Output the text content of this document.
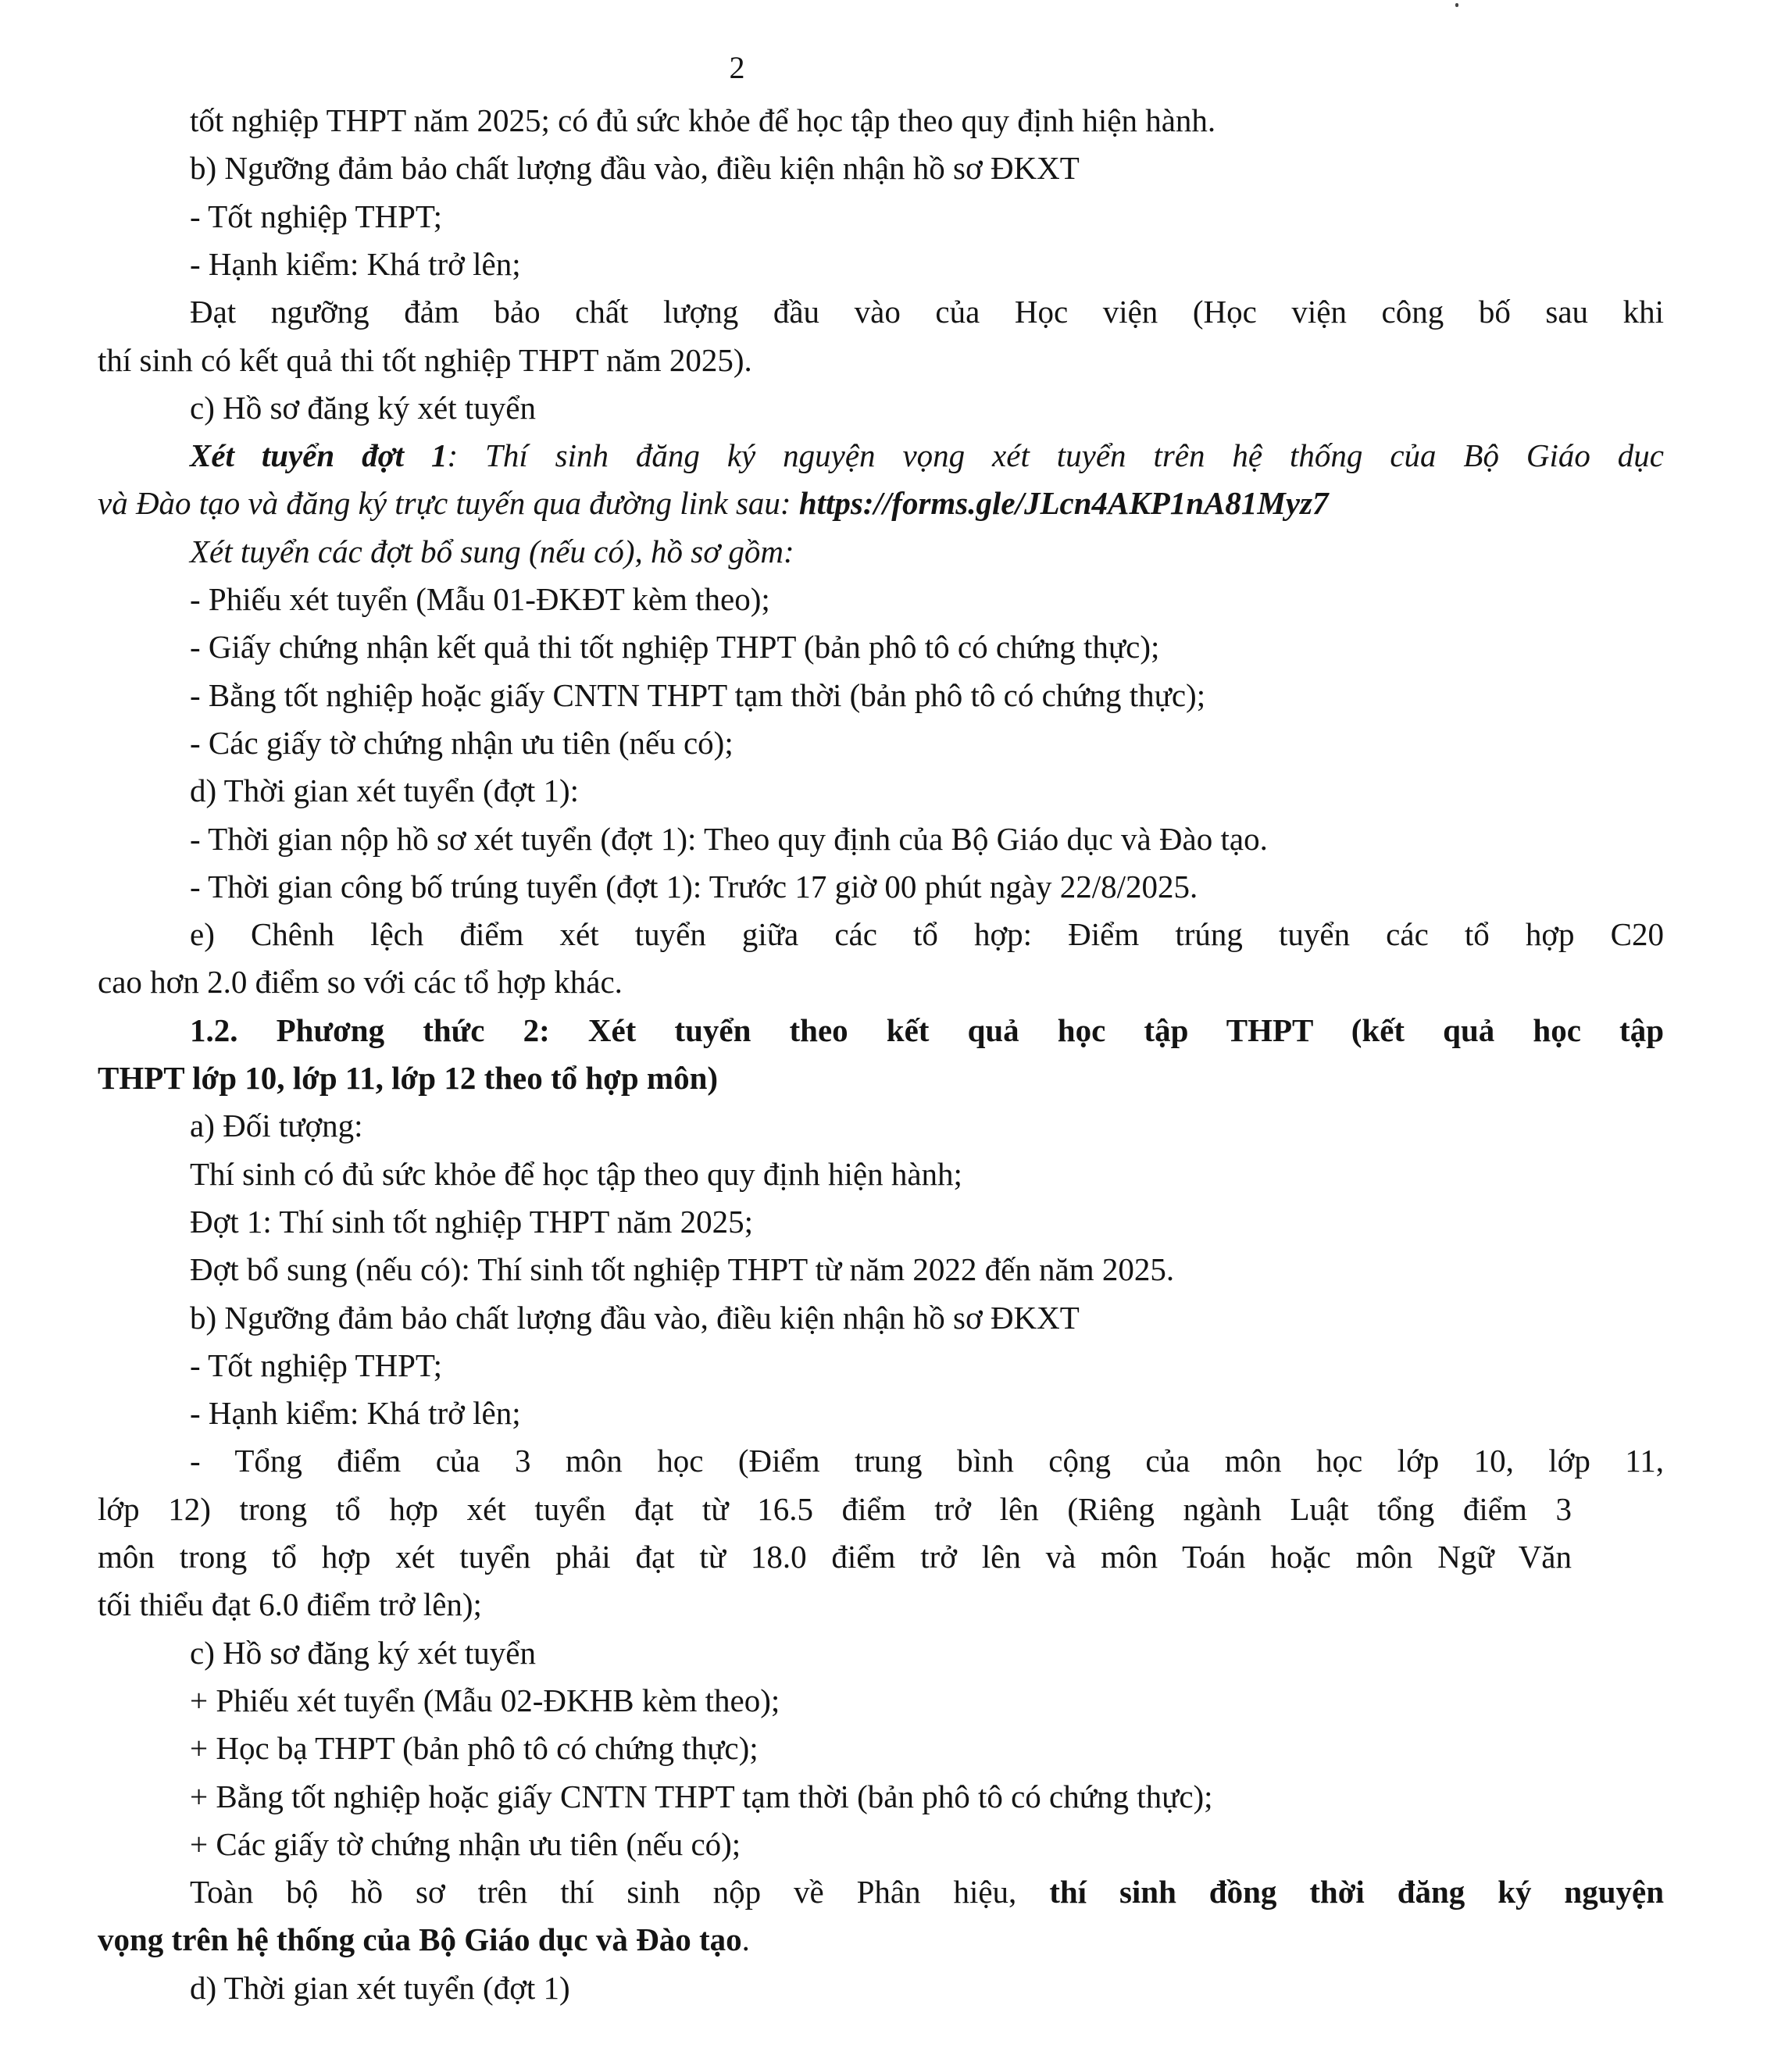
2
tốt nghiệp THPT năm 2025; có đủ sức khỏe để học tập theo quy định hiện hành.
b) Ngưỡng đảm bảo chất lượng đầu vào, điều kiện nhận hồ sơ ĐKXT
- Tốt nghiệp THPT;
- Hạnh kiểm: Khá trở lên;
Đạt ngưỡng đảm bảo chất lượng đầu vào của Học viện (Học viện công bố sau khi
thí sinh có kết quả thi tốt nghiệp THPT năm 2025).
c) Hồ sơ đăng ký xét tuyển
Xét tuyển đợt 1: Thí sinh đăng ký nguyện vọng xét tuyển trên hệ thống của Bộ Giáo dục
và Đào tạo và đăng ký trực tuyến qua đường link sau: https://forms.gle/JLcn4AKP1nA81Myz7
Xét tuyển các đợt bổ sung (nếu có), hồ sơ gồm:
- Phiếu xét tuyển (Mẫu 01-ĐKĐT kèm theo);
- Giấy chứng nhận kết quả thi tốt nghiệp THPT (bản phô tô có chứng thực);
- Bằng tốt nghiệp hoặc giấy CNTN THPT tạm thời (bản phô tô có chứng thực);
- Các giấy tờ chứng nhận ưu tiên (nếu có);
d) Thời gian xét tuyển (đợt 1):
- Thời gian nộp hồ sơ xét tuyển (đợt 1): Theo quy định của Bộ Giáo dục và Đào tạo.
- Thời gian công bố trúng tuyển (đợt 1): Trước 17 giờ 00 phút ngày 22/8/2025.
e) Chênh lệch điểm xét tuyển giữa các tổ hợp: Điểm trúng tuyển các tổ hợp C20
cao hơn 2.0 điểm so với các tổ hợp khác.
1.2. Phương thức 2: Xét tuyển theo kết quả học tập THPT (kết quả học tập
THPT lớp 10, lớp 11, lớp 12 theo tổ hợp môn)
a) Đối tượng:
Thí sinh có đủ sức khỏe để học tập theo quy định hiện hành;
Đợt 1: Thí sinh tốt nghiệp THPT năm 2025;
Đợt bổ sung (nếu có): Thí sinh tốt nghiệp THPT từ năm 2022 đến năm 2025.
b) Ngưỡng đảm bảo chất lượng đầu vào, điều kiện nhận hồ sơ ĐKXT
- Tốt nghiệp THPT;
- Hạnh kiểm: Khá trở lên;
- Tổng điểm của 3 môn học (Điểm trung bình cộng của môn học lớp 10, lớp 11,
lớp 12) trong tổ hợp xét tuyển đạt từ 16.5 điểm trở lên (Riêng ngành Luật tổng điểm 3
môn trong tổ hợp xét tuyển phải đạt từ 18.0 điểm trở lên và môn Toán hoặc môn Ngữ Văn
tối thiểu đạt 6.0 điểm trở lên);
c) Hồ sơ đăng ký xét tuyển
+ Phiếu xét tuyển (Mẫu 02-ĐKHB kèm theo);
+ Học bạ THPT (bản phô tô có chứng thực);
+ Bằng tốt nghiệp hoặc giấy CNTN THPT tạm thời (bản phô tô có chứng thực);
+ Các giấy tờ chứng nhận ưu tiên (nếu có);
Toàn bộ hồ sơ trên thí sinh nộp về Phân hiệu, thí sinh đồng thời đăng ký nguyện
vọng trên hệ thống của Bộ Giáo dục và Đào tạo.
d) Thời gian xét tuyển (đợt 1)
